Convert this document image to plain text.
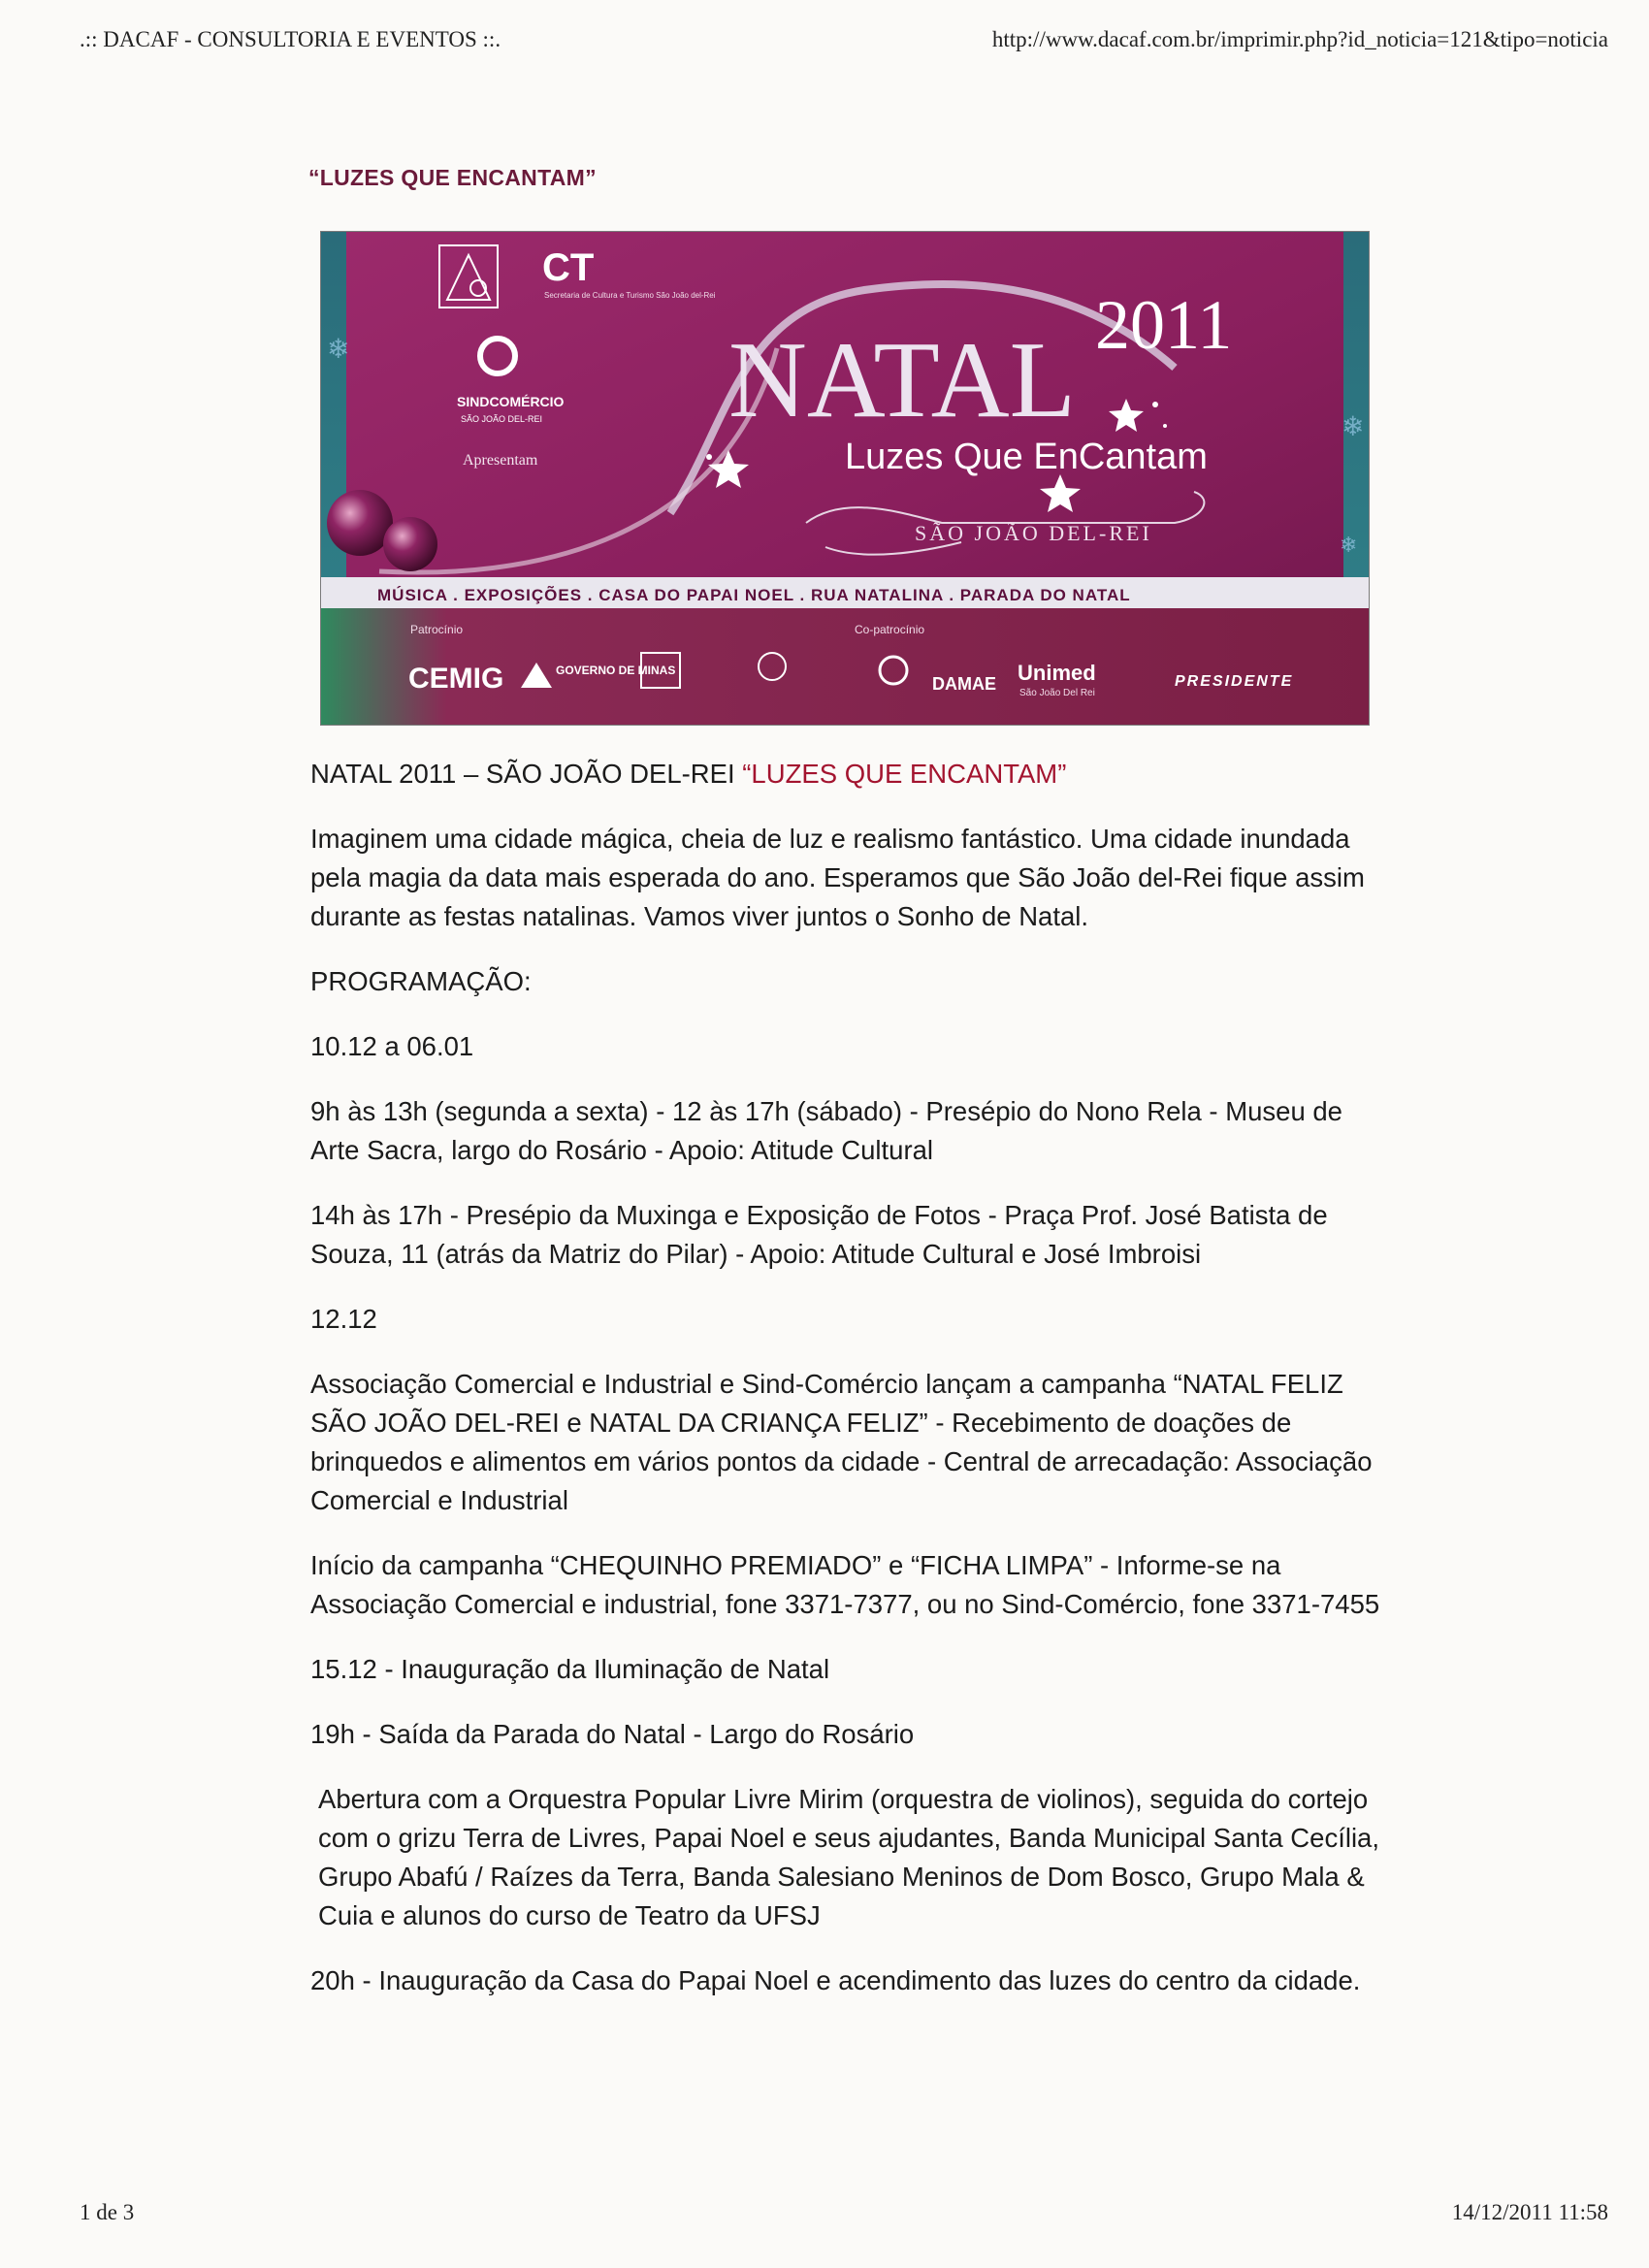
.:: DACAF - CONSULTORIA E EVENTOS ::.	http://www.dacaf.com.br/imprimir.php?id_noticia=121&tipo=noticia
“LUZES QUE ENCANTAM”
❄
❄
❄
CT
Secretaria de Cultura e Turismo São João del-Rei
SINDCOMÉRCIO
SÃO JOÃO DEL-REI
Apresentam
NATAL 2011
Luzes Que EnCantam
SÃO JOÃO DEL-REI
MÚSICA . EXPOSIÇÕES . CASA DO PAPAI NOEL . RUA NATALINA . PARADA DO NATAL
Patrocínio	Co-patrocínio
CEMIG	GOVERNO DE MINAS
DAMAE Unimed
São João Del Rei
PRESIDENTE

NATAL 2011 – SÃO JOÃO DEL-REI “LUZES QUE ENCANTAM”

Imaginem uma cidade mágica, cheia de luz e realismo fantástico. Uma cidade inundada pela magia da data mais esperada do ano. Esperamos que São João del-Rei fique assim durante as festas natalinas. Vamos viver juntos o Sonho de Natal.

PROGRAMAÇÃO:

10.12 a 06.01

9h às 13h (segunda a sexta) - 12 às 17h (sábado) - Presépio do Nono Rela - Museu de Arte Sacra, largo do Rosário - Apoio: Atitude Cultural

14h às 17h - Presépio da Muxinga e Exposição de Fotos - Praça Prof. José Batista de Souza, 11 (atrás da Matriz do Pilar) - Apoio: Atitude Cultural e José Imbroisi

12.12

Associação Comercial e Industrial e Sind-Comércio lançam a campanha “NATAL FELIZ SÃO JOÃO DEL-REI e NATAL DA CRIANÇA FELIZ” - Recebimento de doações de brinquedos e alimentos em vários pontos da cidade - Central de arrecadação: Associação Comercial e Industrial

Início da campanha “CHEQUINHO PREMIADO” e “FICHA LIMPA” - Informe-se na Associação Comercial e industrial, fone 3371-7377, ou no Sind-Comércio, fone 3371-7455

15.12 - Inauguração da Iluminação de Natal

19h - Saída da Parada do Natal - Largo do Rosário

Abertura com a Orquestra Popular Livre Mirim (orquestra de violinos), seguida do cortejo com o grizu Terra de Livres, Papai Noel e seus ajudantes, Banda Municipal Santa Cecília, Grupo Abafú / Raízes da Terra, Banda Salesiano Meninos de Dom Bosco, Grupo Mala & Cuia e alunos do curso de Teatro da UFSJ

20h - Inauguração da Casa do Papai Noel e acendimento das luzes do centro da cidade.

1 de 3	14/12/2011 11:58
